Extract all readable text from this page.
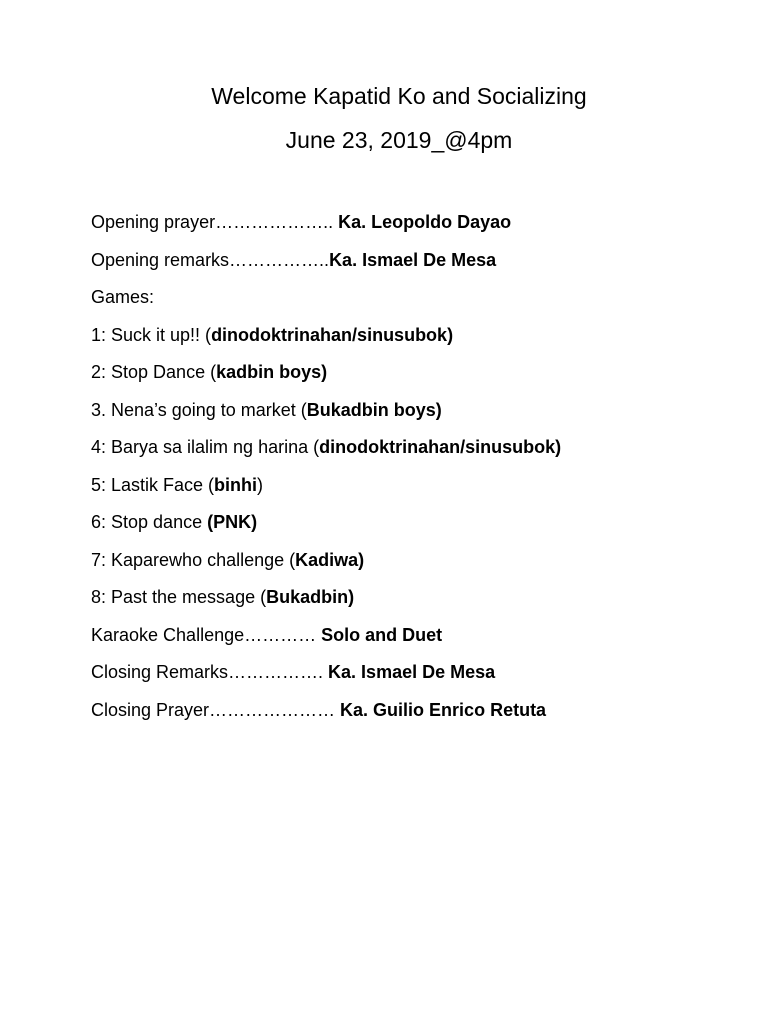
Welcome Kapatid Ko and Socializing
June 23, 2019_@4pm
Opening prayer……………….. Ka. Leopoldo Dayao
Opening remarks……………..Ka. Ismael De Mesa
Games:
1: Suck it up!! (dinodoktrinahan/sinusubok)
2: Stop Dance (kadbin boys)
3. Nena’s going to market (Bukadbin boys)
4: Barya sa ilalim ng harina (dinodoktrinahan/sinusubok)
5: Lastik Face (binhi)
6: Stop dance (PNK)
7: Kaparewho challenge (Kadiwa)
8: Past the message (Bukadbin)
Karaoke Challenge………… Solo and Duet
Closing Remarks……………. Ka. Ismael De Mesa
Closing Prayer………………… Ka. Guilio Enrico Retuta
